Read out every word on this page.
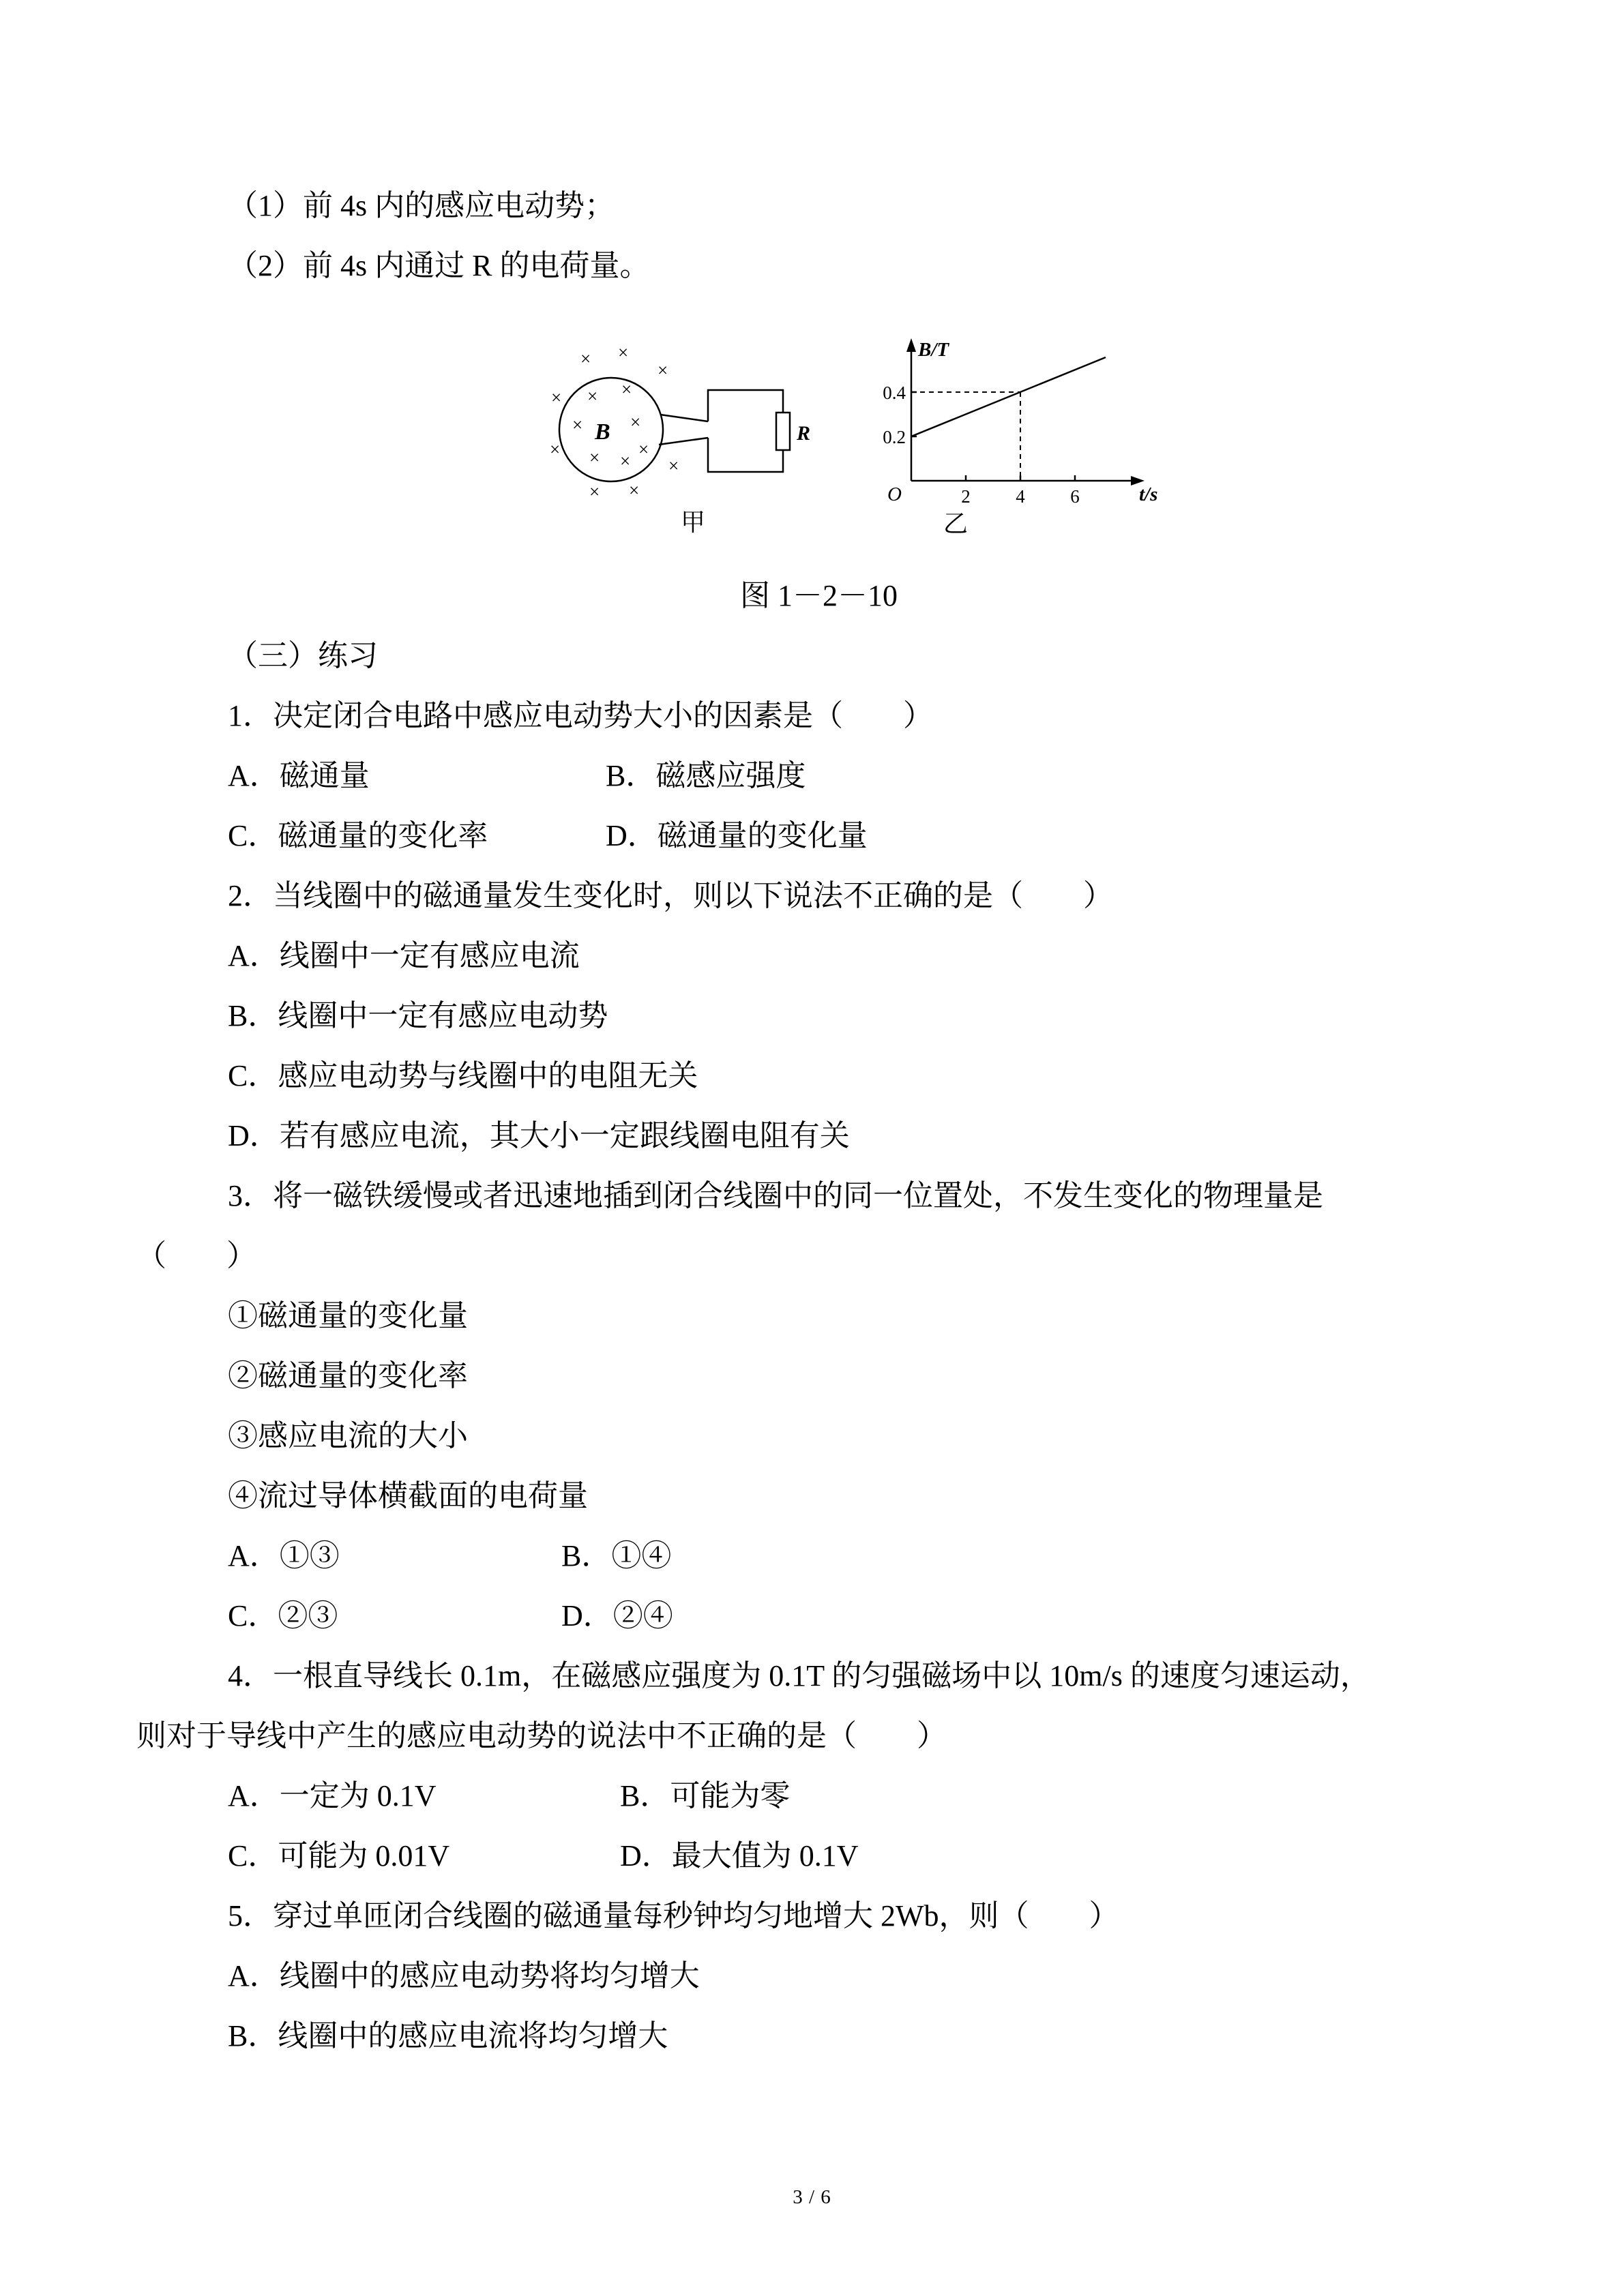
（1）前 4s 内的感应电动势；
（2）前 4s 内通过 R 的电荷量。
× ×
×	×
× ×
×
× ×
×
×
×
× ×
×
B	R
甲
B/T
0.4
0.2
O	2 4 6	t/s
乙
图 1－2－10
（三）练习
1．决定闭合电路中感应电动势大小的因素是（　　）
A．磁通量	B．磁感应强度
C．磁通量的变化率	D．磁通量的变化量
2．当线圈中的磁通量发生变化时，则以下说法不正确的是（　　）
A．线圈中一定有感应电流
B．线圈中一定有感应电动势
C．感应电动势与线圈中的电阻无关
D．若有感应电流，其大小一定跟线圈电阻有关
3．将一磁铁缓慢或者迅速地插到闭合线圈中的同一位置处，不发生变化的物理量是
（　　）
①磁通量的变化量
②磁通量的变化率
③感应电流的大小
④流过导体横截面的电荷量
A．①③	B．①④
C．②③	D．②④
4．一根直导线长 0.1m，在磁感应强度为 0.1T 的匀强磁场中以 10m/s 的速度匀速运动，
则对于导线中产生的感应电动势的说法中不正确的是（　　）
A．一定为 0.1V	B．可能为零
C．可能为 0.01V	D．最大值为 0.1V
5．穿过单匝闭合线圈的磁通量每秒钟均匀地增大 2Wb，则（　　）
A．线圈中的感应电动势将均匀增大
B．线圈中的感应电流将均匀增大
3 / 6
